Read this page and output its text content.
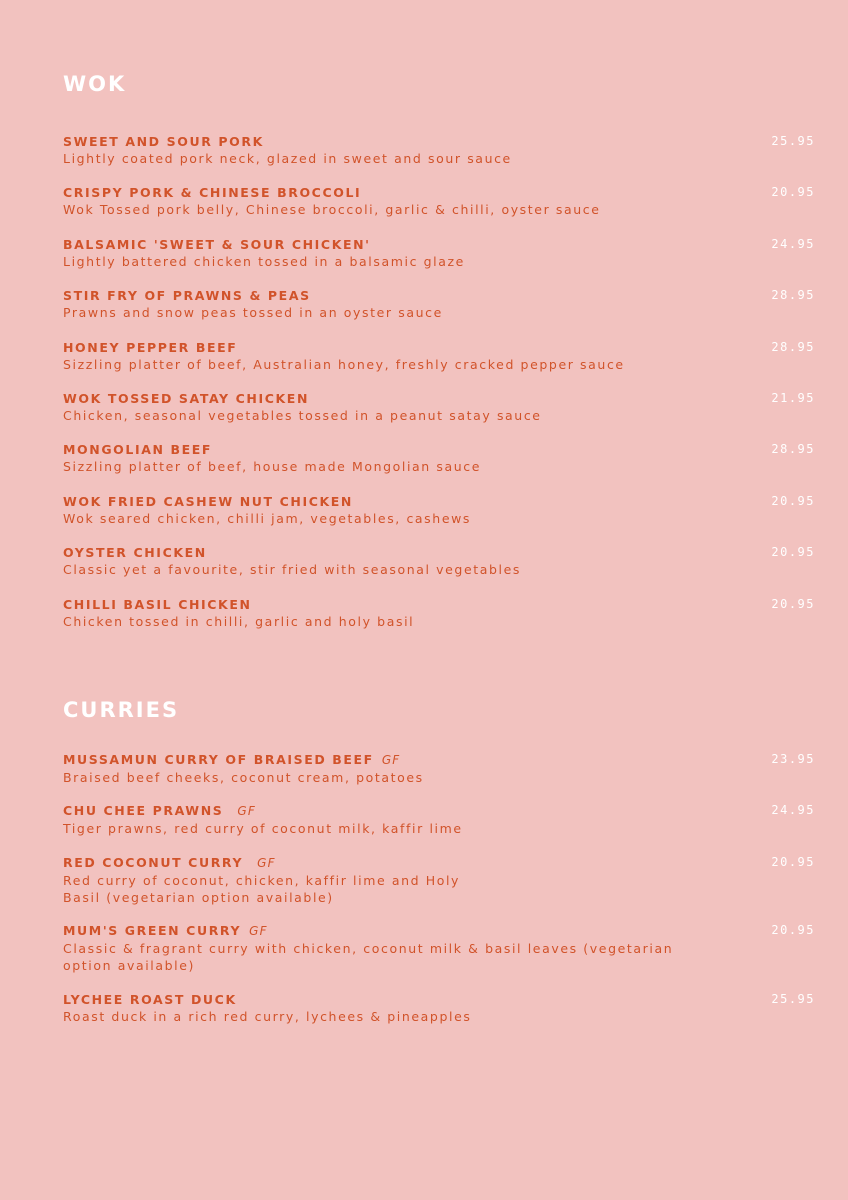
WOK
SWEET AND SOUR PORK
Lightly coated pork neck, glazed in sweet and sour sauce
25.95
CRISPY PORK & CHINESE BROCCOLI
Wok Tossed pork belly, Chinese broccoli, garlic & chilli, oyster sauce
20.95
BALSAMIC 'SWEET & SOUR CHICKEN'
Lightly battered chicken tossed in a balsamic glaze
24.95
STIR FRY OF PRAWNS & PEAS
Prawns and snow peas tossed in an oyster sauce
28.95
HONEY PEPPER BEEF
Sizzling platter of beef, Australian honey, freshly cracked pepper sauce
28.95
WOK TOSSED SATAY CHICKEN
Chicken, seasonal vegetables tossed in a peanut satay sauce
21.95
MONGOLIAN BEEF
Sizzling platter of beef, house made Mongolian sauce
28.95
WOK FRIED CASHEW NUT CHICKEN
Wok seared chicken, chilli jam, vegetables, cashews
20.95
OYSTER CHICKEN
Classic yet a favourite, stir fried with seasonal vegetables
20.95
CHILLI BASIL CHICKEN
Chicken tossed in chilli, garlic and holy basil
20.95
CURRIES
MUSSAMUN CURRY OF BRAISED BEEF GF
Braised beef cheeks, coconut cream, potatoes
23.95
CHU CHEE PRAWNS GF
Tiger prawns, red curry of coconut milk, kaffir lime
24.95
RED COCONUT CURRY GF
Red curry of coconut, chicken, kaffir lime and Holy Basil (vegetarian option available)
20.95
MUM'S GREEN CURRY GF
Classic & fragrant curry with chicken, coconut milk & basil leaves (vegetarian option available)
20.95
LYCHEE ROAST DUCK
Roast duck in a rich red curry, lychees & pineapples
25.95
